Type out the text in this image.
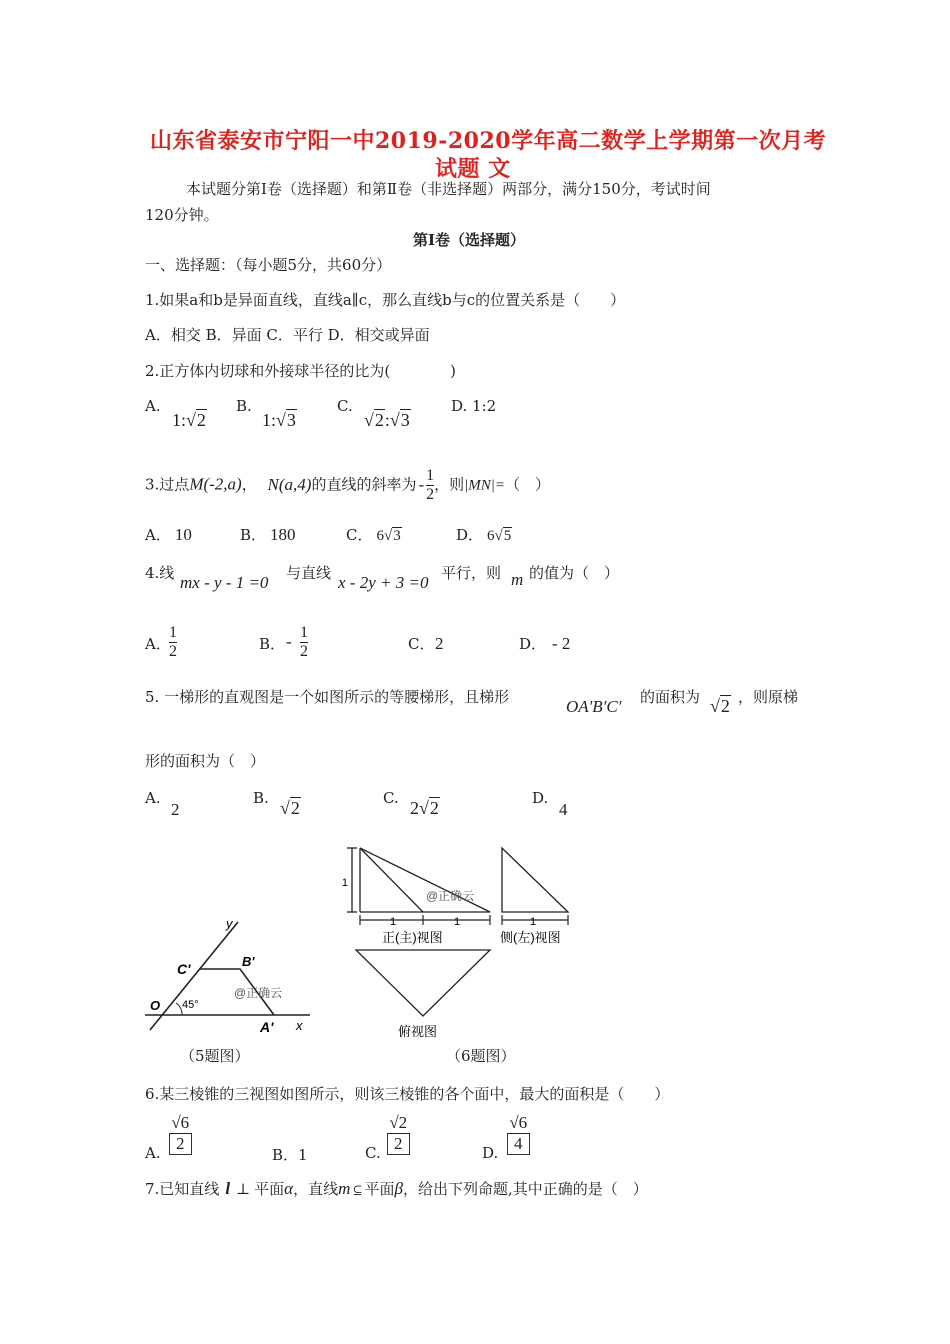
山东省泰安市宁阳一中2019-2020学年高二数学上学期第一次月考
试题 文
本试题分第Ⅰ卷（选择题）和第Ⅱ卷（非选择题）两部分，满分150分，考试时间
120分钟。
第Ⅰ卷（选择题）
一、选择题：（每小题5分，共60分）
1.如果a和b是异面直线，直线a∥c，那么直线b与c的位置关系是（　　）
A．相交 B．异面 C．平行 D．相交或异面
2.正方体内切球和外接球半径的比为(　　　　)
A.
1:√2
B.
1:√3
C.
√2:√3
D. 1:2
3.过点M(-2,a)， N(a,4)的直线的斜率为 - $\frac{1}{2}$ ，则|MN|=（　）
A． 10	B． 180	C． 6√3	D． 6√5
4.线 mx - y - 1 =0 与直线 x - 2y + 3 =0 平行，则 m 的值为（　）
A．
$\frac{1}{2}$	B． - $\frac{1}{2}$	C． 2	D． - 2
5. 一梯形的直观图是一个如图所示的等腰梯形，且梯形	OA'B'C' 的面积为 √2 ，则原梯
形的面积为（　）
A.
2
B. √2	C. 2√2	D.
4
y
x
O
C'	B'
A'
45°
@正确云
（5题图）
1
1	1
正(主)视图
@正确云
1
侧(左)视图
俯视图
（6题图）
6.某三棱锥的三视图如图所示，则该三棱锥的各个面中，最大的面积是（　　）
A. $\frac{√6}{2}$	B．1	C. $\frac{√2}{2}$	D. $\frac{√6}{4}$
7.已知直线 l ⊥ 平面α，直线m ⊆ 平面β，给出下列命题,其中正确的是（　）
